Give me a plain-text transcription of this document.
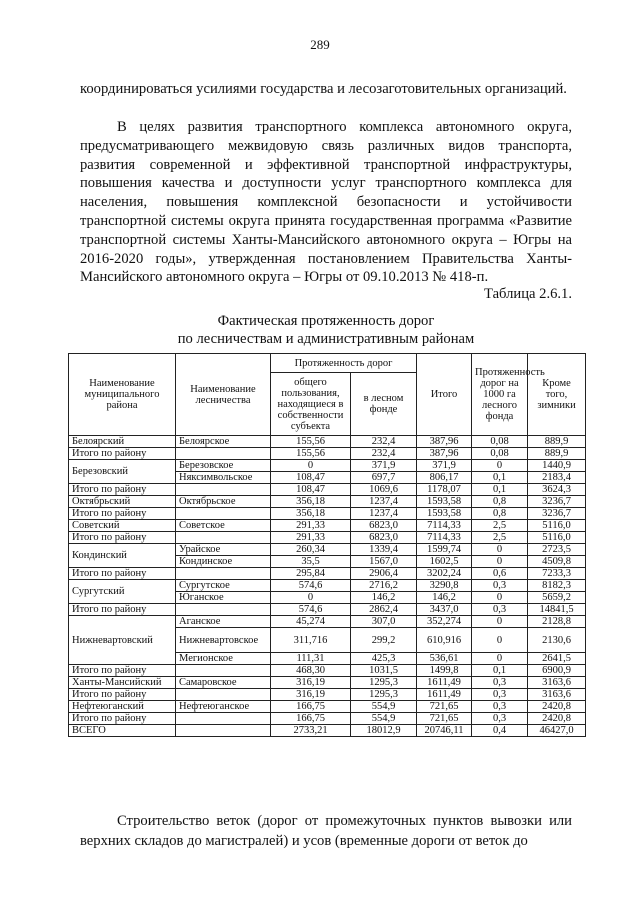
289
координироваться усилиями государства и лесозаготовительных организаций.
В целях развития транспортного комплекса автономного округа, предусматривающего межвидовую связь различных видов транспорта, развития современной и эффективной транспортной инфраструктуры, повышения качества и доступности услуг транспортного комплекса для населения, повышения комплексной безопасности и устойчивости транспортной системы округа принята государственная программа «Развитие транспортной системы Ханты-Мансийского автономного округа – Югры на 2016-2020 годы», утвержденная постановлением Правительства Ханты-Мансийского автономного округа – Югры от 09.10.2013 № 418-п.
Таблица 2.6.1.
Фактическая протяженность дорог
по лесничествам и административным районам
Наименование муниципального района	Наименование лесничества	Протяженность дорог		Итого	Протяженность дорог на 1000 га лесного фонда	Кроме того, зимники
		общего пользования, находящиеся в собственности субъекта	в лесном фонде			
Белоярский	Белоярское	155,56	232,4	387,96	0,08	889,9
Итого по району		155,56	232,4	387,96	0,08	889,9
Березовский	Березовское	0	371,9	371,9	0	1440,9
	Няксимвольское	108,47	697,7	806,17	0,1	2183,4
Итого по району		108,47	1069,6	1178,07	0,1	3624,3
Октябрьский	Октябрьское	356,18	1237,4	1593,58	0,8	3236,7
Итого по району		356,18	1237,4	1593,58	0,8	3236,7
Советский	Советское	291,33	6823,0	7114,33	2,5	5116,0
Итого по району		291,33	6823,0	7114,33	2,5	5116,0
Кондинский	Урайское	260,34	1339,4	1599,74	0	2723,5
	Кондинское	35,5	1567,0	1602,5	0	4509,8
Итого по району		295,84	2906,4	3202,24	0,6	7233,3
Сургутский	Сургутское	574,6	2716,2	3290,8	0,3	8182,3
	Юганское	0	146,2	146,2	0	5659,2
Итого по району		574,6	2862,4	3437,0	0,3	14841,5
Нижневартовский	Аганское	45,274	307,0	352,274	0	2128,8
	Нижневартовское	311,716	299,2	610,916	0	2130,6
	Мегионское	111,31	425,3	536,61	0	2641,5
Итого по району		468,30	1031,5	1499,8	0,1	6900,9
Ханты-Мансийский	Самаровское	316,19	1295,3	1611,49	0,3	3163,6
Итого по району		316,19	1295,3	1611,49	0,3	3163,6
Нефтеюганский	Нефтеюганское	166,75	554,9	721,65	0,3	2420,8
Итого по району		166,75	554,9	721,65	0,3	2420,8
ВСЕГО		2733,21	18012,9	20746,11	0,4	46427,0
Строительство веток (дорог от промежуточных пунктов вывозки или верхних складов до магистралей) и усов (временные дороги от веток до
